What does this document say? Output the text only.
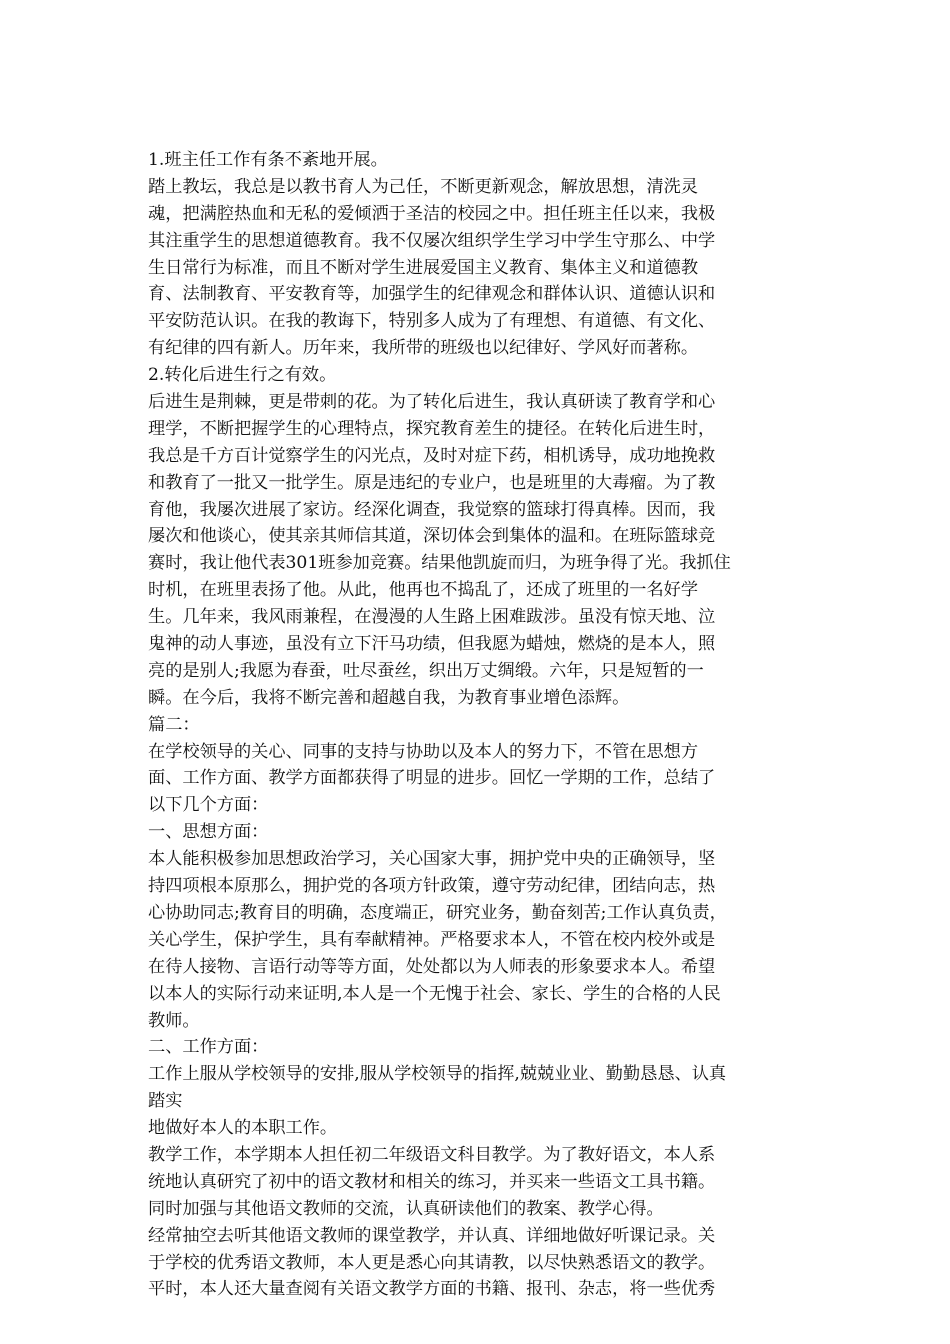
1.班主任工作有条不紊地开展。
踏上教坛，我总是以教书育人为己任，不断更新观念，解放思想，清洗灵
魂，把满腔热血和无私的爱倾洒于圣洁的校园之中。担任班主任以来，我极
其注重学生的思想道德教育。我不仅屡次组织学生学习中学生守那么、中学
生日常行为标准，而且不断对学生进展爱国主义教育、集体主义和道德教
育、法制教育、平安教育等，加强学生的纪律观念和群体认识、道德认识和
平安防范认识。在我的教诲下，特别多人成为了有理想、有道德、有文化、
有纪律的四有新人。历年来，我所带的班级也以纪律好、学风好而著称。
2.转化后进生行之有效。
后进生是荆棘，更是带刺的花。为了转化后进生，我认真研读了教育学和心
理学，不断把握学生的心理特点，探究教育差生的捷径。在转化后进生时，
我总是千方百计觉察学生的闪光点，及时对症下药，相机诱导，成功地挽救
和教育了一批又一批学生。原是违纪的专业户，也是班里的大毒瘤。为了教
育他，我屡次进展了家访。经深化调查，我觉察的篮球打得真棒。因而，我
屡次和他谈心，使其亲其师信其道，深切体会到集体的温和。在班际篮球竞
赛时，我让他代表301班参加竞赛。结果他凯旋而归，为班争得了光。我抓住
时机，在班里表扬了他。从此，他再也不捣乱了，还成了班里的一名好学
生。几年来，我风雨兼程，在漫漫的人生路上困难跋涉。虽没有惊天地、泣
鬼神的动人事迹，虽没有立下汗马功绩，但我愿为蜡烛，燃烧的是本人，照
亮的是别人;我愿为春蚕，吐尽蚕丝，织出万丈绸缎。六年，只是短暂的一
瞬。在今后，我将不断完善和超越自我，为教育事业增色添辉。
篇二：
在学校领导的关心、同事的支持与协助以及本人的努力下，不管在思想方
面、工作方面、教学方面都获得了明显的进步。回忆一学期的工作，总结了
以下几个方面：
一、思想方面：
本人能积极参加思想政治学习，关心国家大事，拥护党中央的正确领导，坚
持四项根本原那么，拥护党的各项方针政策，遵守劳动纪律，团结向志，热
心协助同志;教育目的明确，态度端正，研究业务，勤奋刻苦;工作认真负责，
关心学生，保护学生，具有奉献精神。严格要求本人，不管在校内校外或是
在待人接物、言语行动等等方面，处处都以为人师表的形象要求本人。希望
以本人的实际行动来证明,本人是一个无愧于社会、家长、学生的合格的人民
教师。
二、工作方面：
工作上服从学校领导的安排,服从学校领导的指挥,兢兢业业、勤勤恳恳、认真
踏实
地做好本人的本职工作。
教学工作，本学期本人担任初二年级语文科目教学。为了教好语文，本人系
统地认真研究了初中的语文教材和相关的练习，并买来一些语文工具书籍。
同时加强与其他语文教师的交流，认真研读他们的教案、教学心得。
经常抽空去听其他语文教师的课堂教学，并认真、详细地做好听课记录。关
于学校的优秀语文教师，本人更是悉心向其请教，以尽快熟悉语文的教学。
平时，本人还大量查阅有关语文教学方面的书籍、报刊、杂志，将一些优秀
